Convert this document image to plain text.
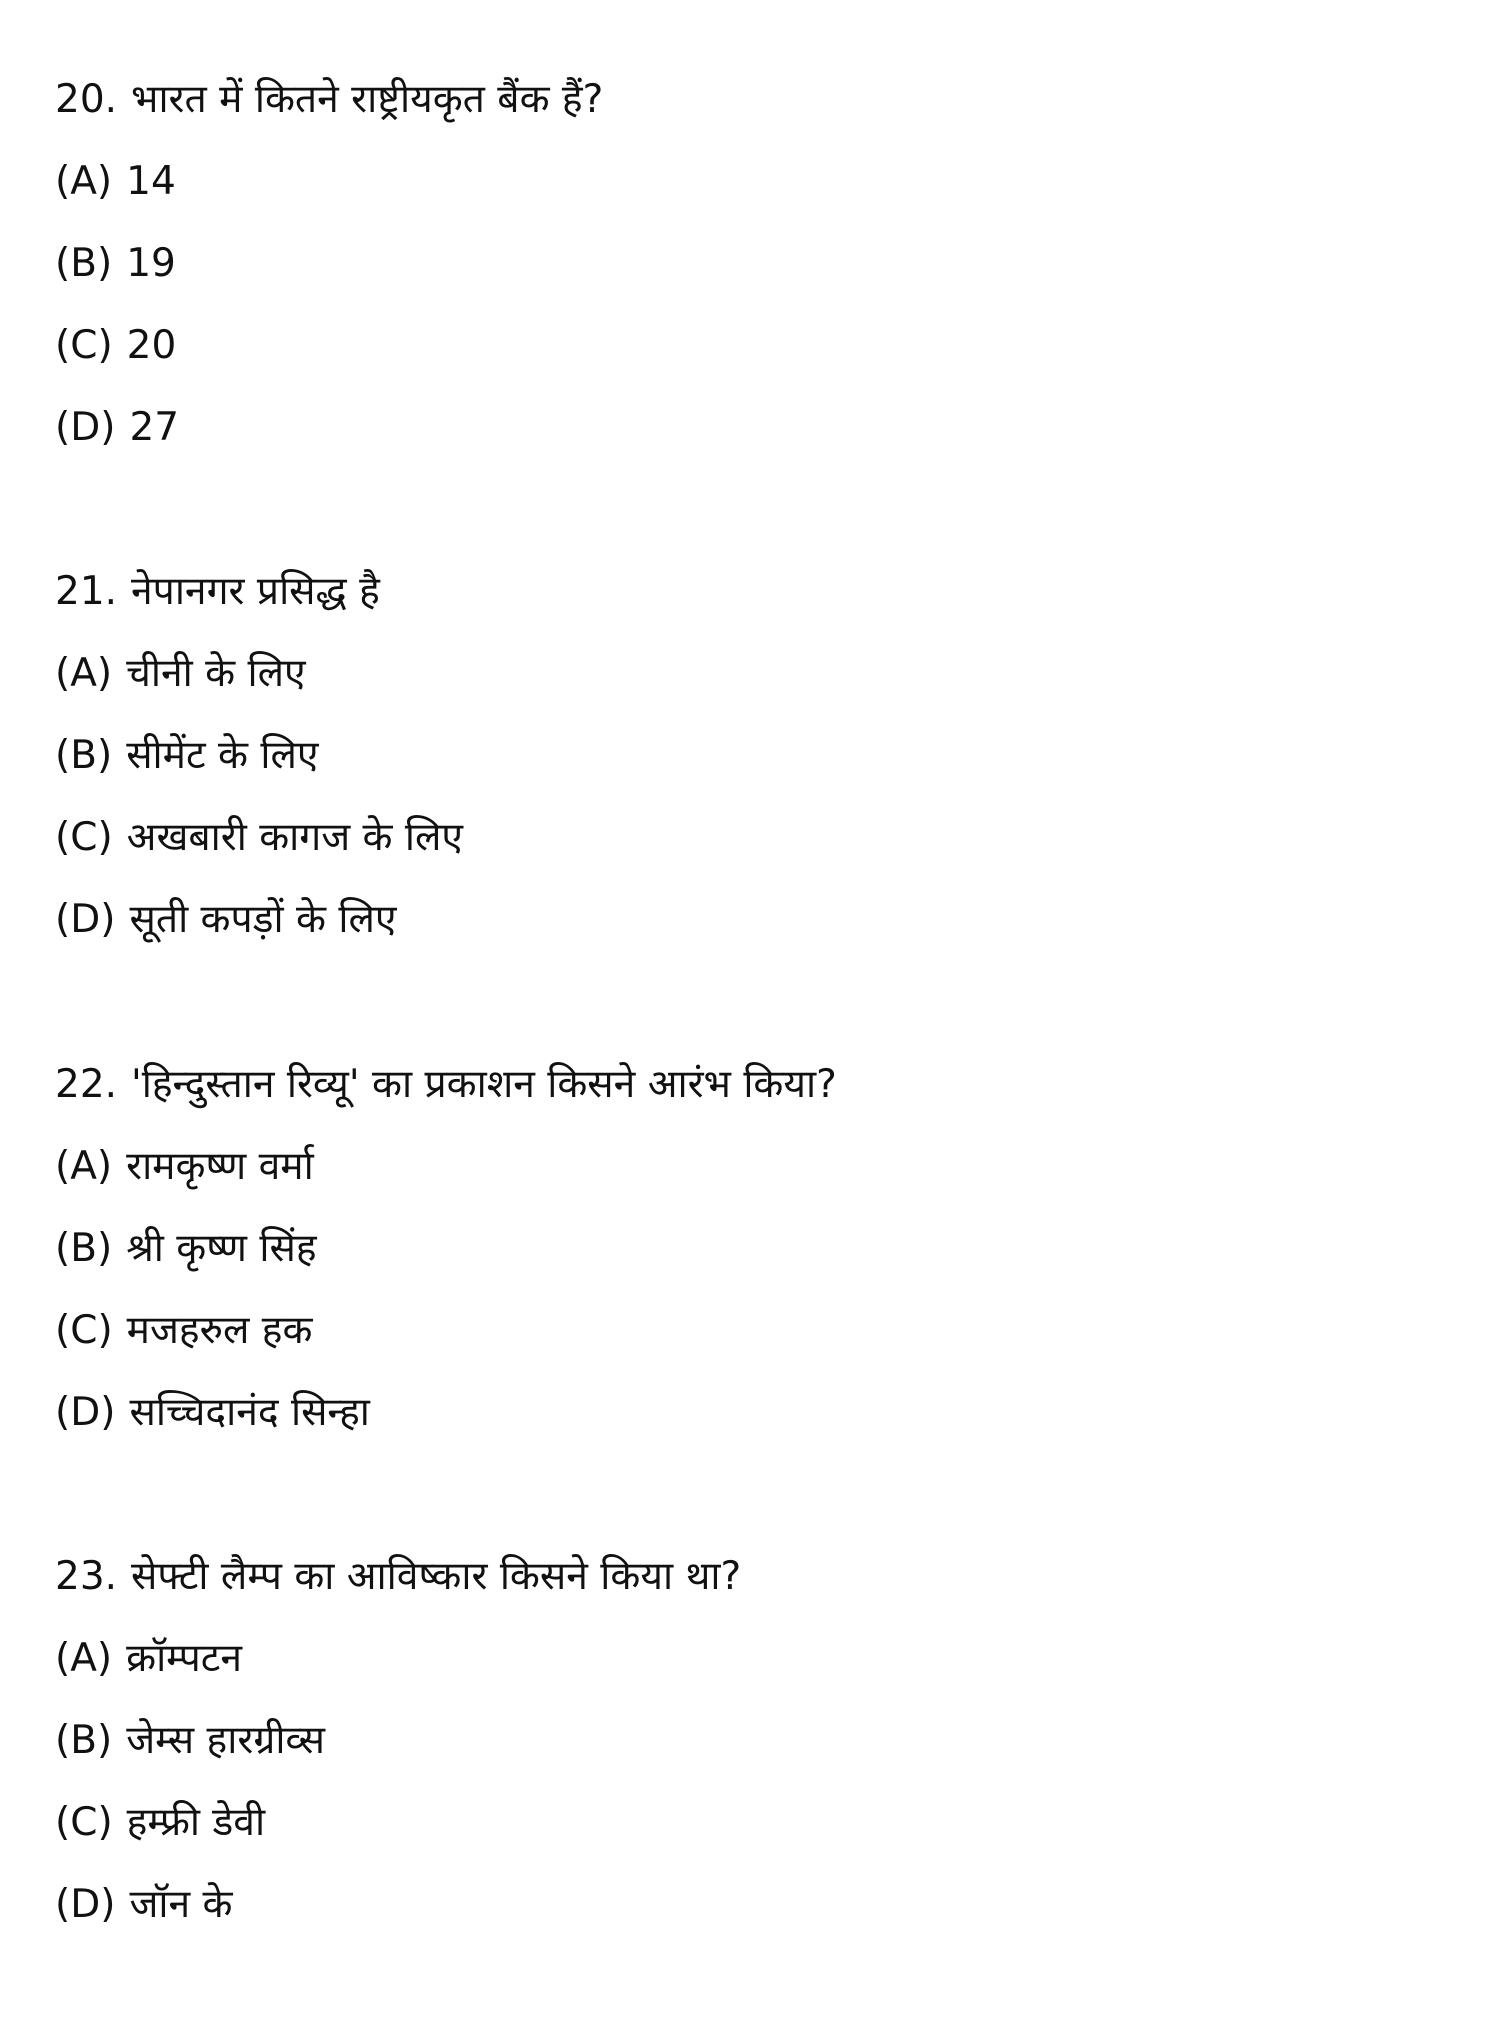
20. भारत में कितने राष्ट्रीयकृत बैंक हैं?
(A) 14
(B) 19
(C) 20
(D) 27
21. नेपानगर प्रसिद्ध है
(A) चीनी के लिए
(B) सीमेंट के लिए
(C) अखबारी कागज के लिए
(D) सूती कपड़ों के लिए
22. 'हिन्दुस्तान रिव्यू' का प्रकाशन किसने आरंभ किया?
(A) रामकृष्ण वर्मा
(B) श्री कृष्ण सिंह
(C) मजहरुल हक
(D) सच्चिदानंद सिन्हा
23. सेफ्टी लैम्प का आविष्कार किसने किया था?
(A) क्रॉम्पटन
(B) जेम्स हारग्रीव्स
(C) हम्फ्री डेवी
(D) जॉन के
